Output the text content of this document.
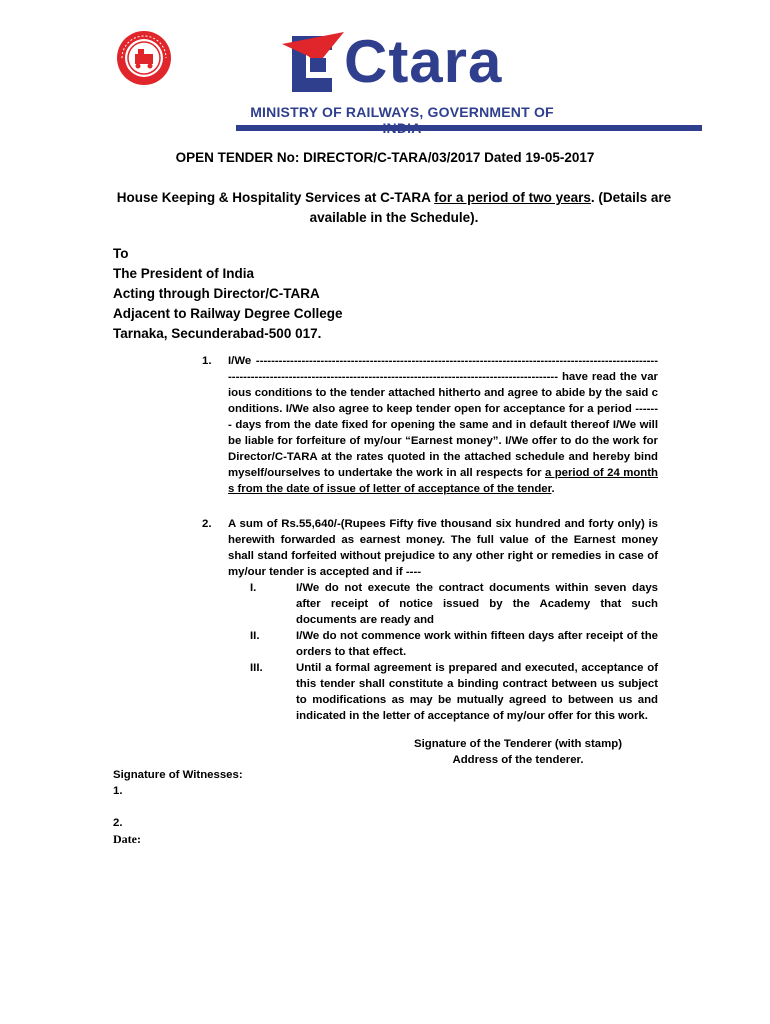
Ctara
MINISTRY OF RAILWAYS, GOVERNMENT OF
OPEN TENDER No: DIRECTOR/C-TARA/03/2017 Dated 19-05-2017
House Keeping & Hospitality Services at C-TARA for a period of two years. (Details are available in the Schedule).
To
The President of India
Acting through Director/C-TARA
Adjacent to Railway Degree College
Tarnaka, Secunderabad-500 017.
1.	I/We ------------------------------------------------------------------------------------------------------------------------------------------------------------------------------------------------- have read the various conditions to the tender attached hitherto and agree to abide by the said conditions. I/We also agree to keep tender open for acceptance for a period ------- days from the date fixed for opening the same and in default thereof I/We will be liable for forfeiture of my/our “Earnest money”. I/We offer to do the work for Director/C-TARA at the rates quoted in the attached schedule and hereby bind myself/ourselves to undertake the work in all respects for a period of 24 months from the date of issue of letter of acceptance of the tender.
2.	A sum of Rs.55,640/-(Rupees Fifty five thousand six hundred and forty only) is herewith forwarded as earnest money. The full value of the Earnest money shall stand forfeited without prejudice to any other right or remedies in case of my/our tender is accepted and if ----
I.	I/We do not execute the contract documents within seven days after receipt of notice issued by the Academy that such documents are ready and
II.	I/We do not commence work within fifteen days after receipt of the orders to that effect.
III.	Until a formal agreement is prepared and executed, acceptance of this tender shall constitute a binding contract between us subject to modifications as may be mutually agreed to between us and indicated in the letter of acceptance of my/our offer for this work.
Signature of the Tenderer (with stamp)
Address of the tenderer.
Signature of Witnesses:
1.
2.
Date:
